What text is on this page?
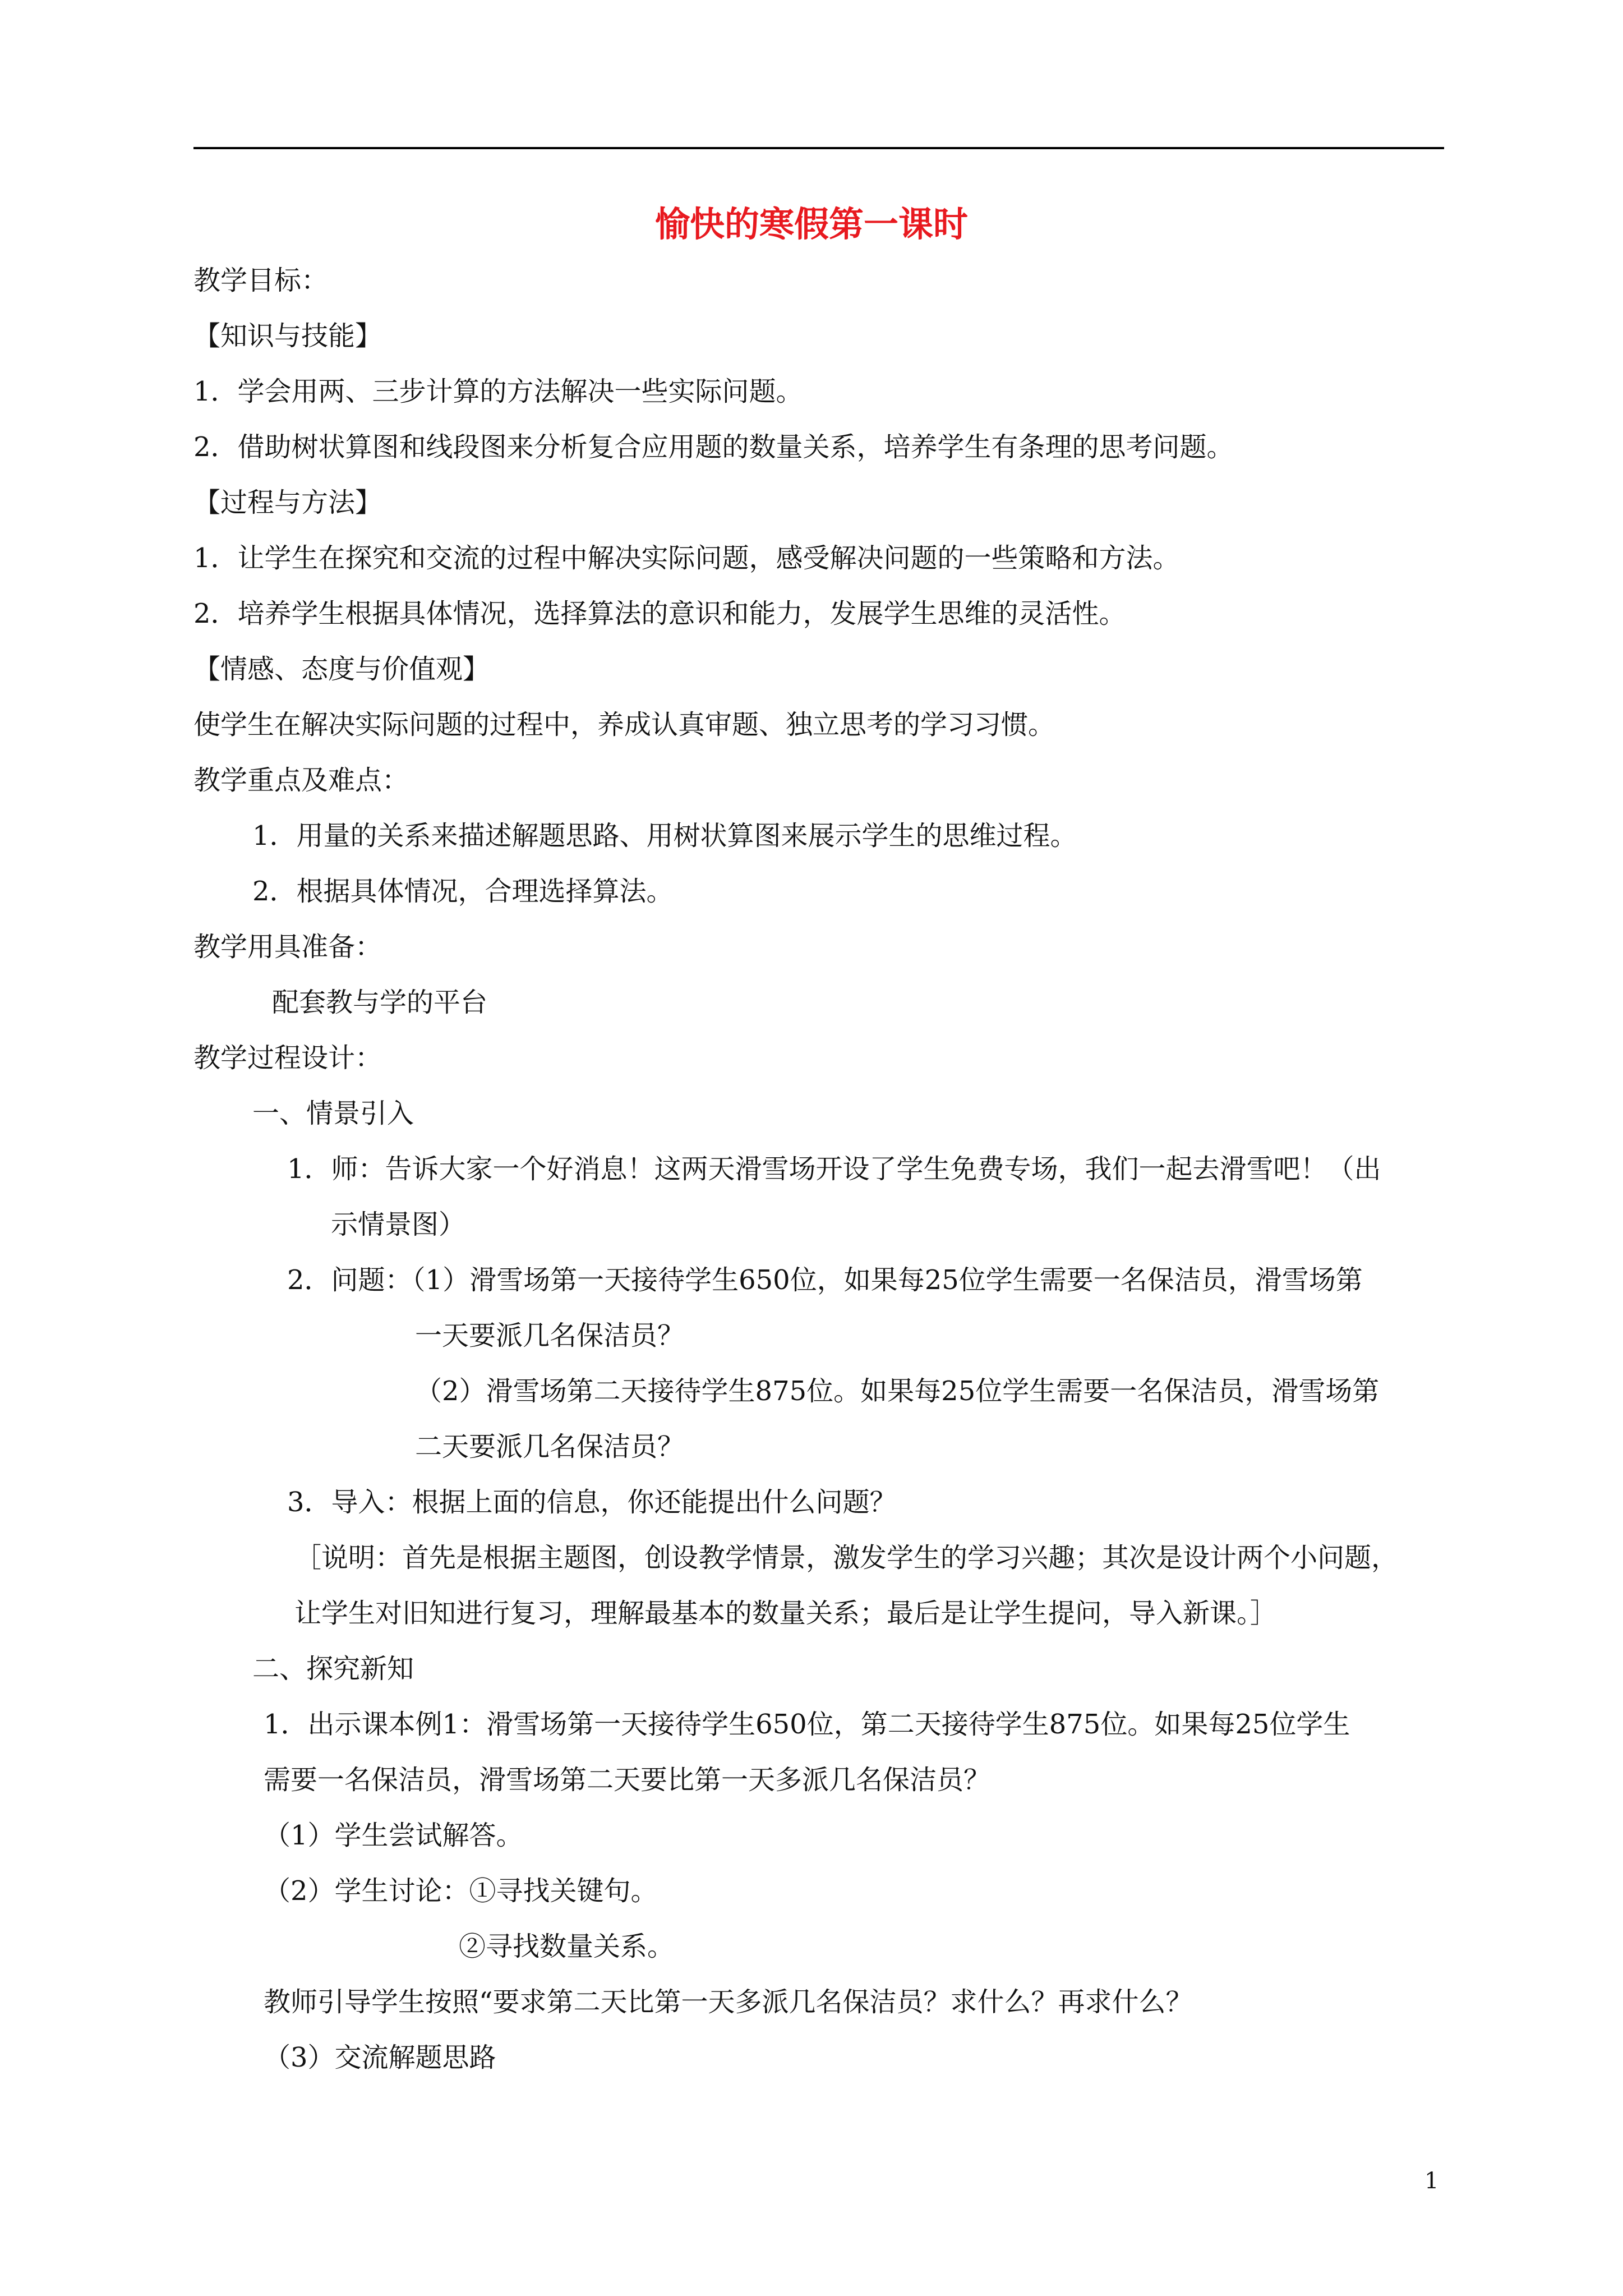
愉快的寒假第一课时
教学目标：
【知识与技能】
1．学会用两、三步计算的方法解决一些实际问题。
2．借助树状算图和线段图来分析复合应用题的数量关系，培养学生有条理的思考问题。
【过程与方法】
1．让学生在探究和交流的过程中解决实际问题，感受解决问题的一些策略和方法。
2．培养学生根据具体情况，选择算法的意识和能力，发展学生思维的灵活性。
【情感、态度与价值观】
使学生在解决实际问题的过程中，养成认真审题、独立思考的学习习惯。
教学重点及难点：
1．用量的关系来描述解题思路、用树状算图来展示学生的思维过程。
2．根据具体情况，合理选择算法。
教学用具准备：
配套教与学的平台
教学过程设计：
一、情景引入
1．师：告诉大家一个好消息！这两天滑雪场开设了学生免费专场，我们一起去滑雪吧！（出
示情景图）
2．问题：（1）滑雪场第一天接待学生650位，如果每25位学生需要一名保洁员，滑雪场第
一天要派几名保洁员？
（2）滑雪场第二天接待学生875位。如果每25位学生需要一名保洁员，滑雪场第
二天要派几名保洁员？
3．导入：根据上面的信息，你还能提出什么问题？
［说明：首先是根据主题图，创设教学情景，激发学生的学习兴趣；其次是设计两个小问题，
让学生对旧知进行复习，理解最基本的数量关系；最后是让学生提问，导入新课。］
二、探究新知
1．出示课本例1：滑雪场第一天接待学生650位，第二天接待学生875位。如果每25位学生
需要一名保洁员，滑雪场第二天要比第一天多派几名保洁员？
（1）学生尝试解答。
（2）学生讨论：①寻找关键句。
②寻找数量关系。
教师引导学生按照“要求第二天比第一天多派几名保洁员？求什么？再求什么？
（3）交流解题思路
1
